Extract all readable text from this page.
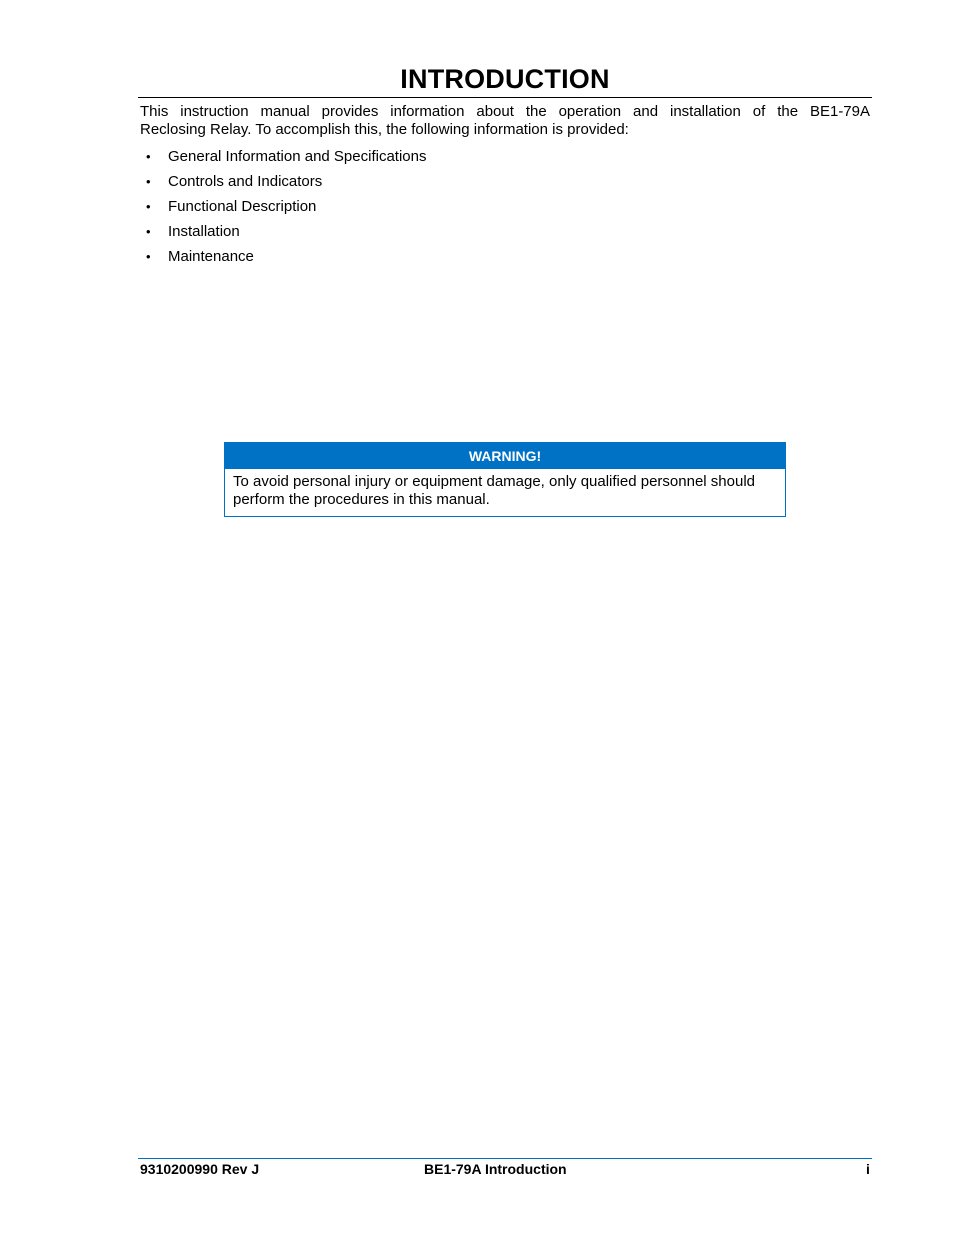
INTRODUCTION

This instruction manual provides information about the operation and installation of the BE1-79A
Reclosing Relay. To accomplish this, the following information is provided:

• General Information and Specifications
• Controls and Indicators
• Functional Description
• Installation
• Maintenance
WARNING!
To avoid personal injury or equipment damage, only qualified personnel should perform the procedures in this manual.
9310200990 Rev J	BE1-79A Introduction	i
